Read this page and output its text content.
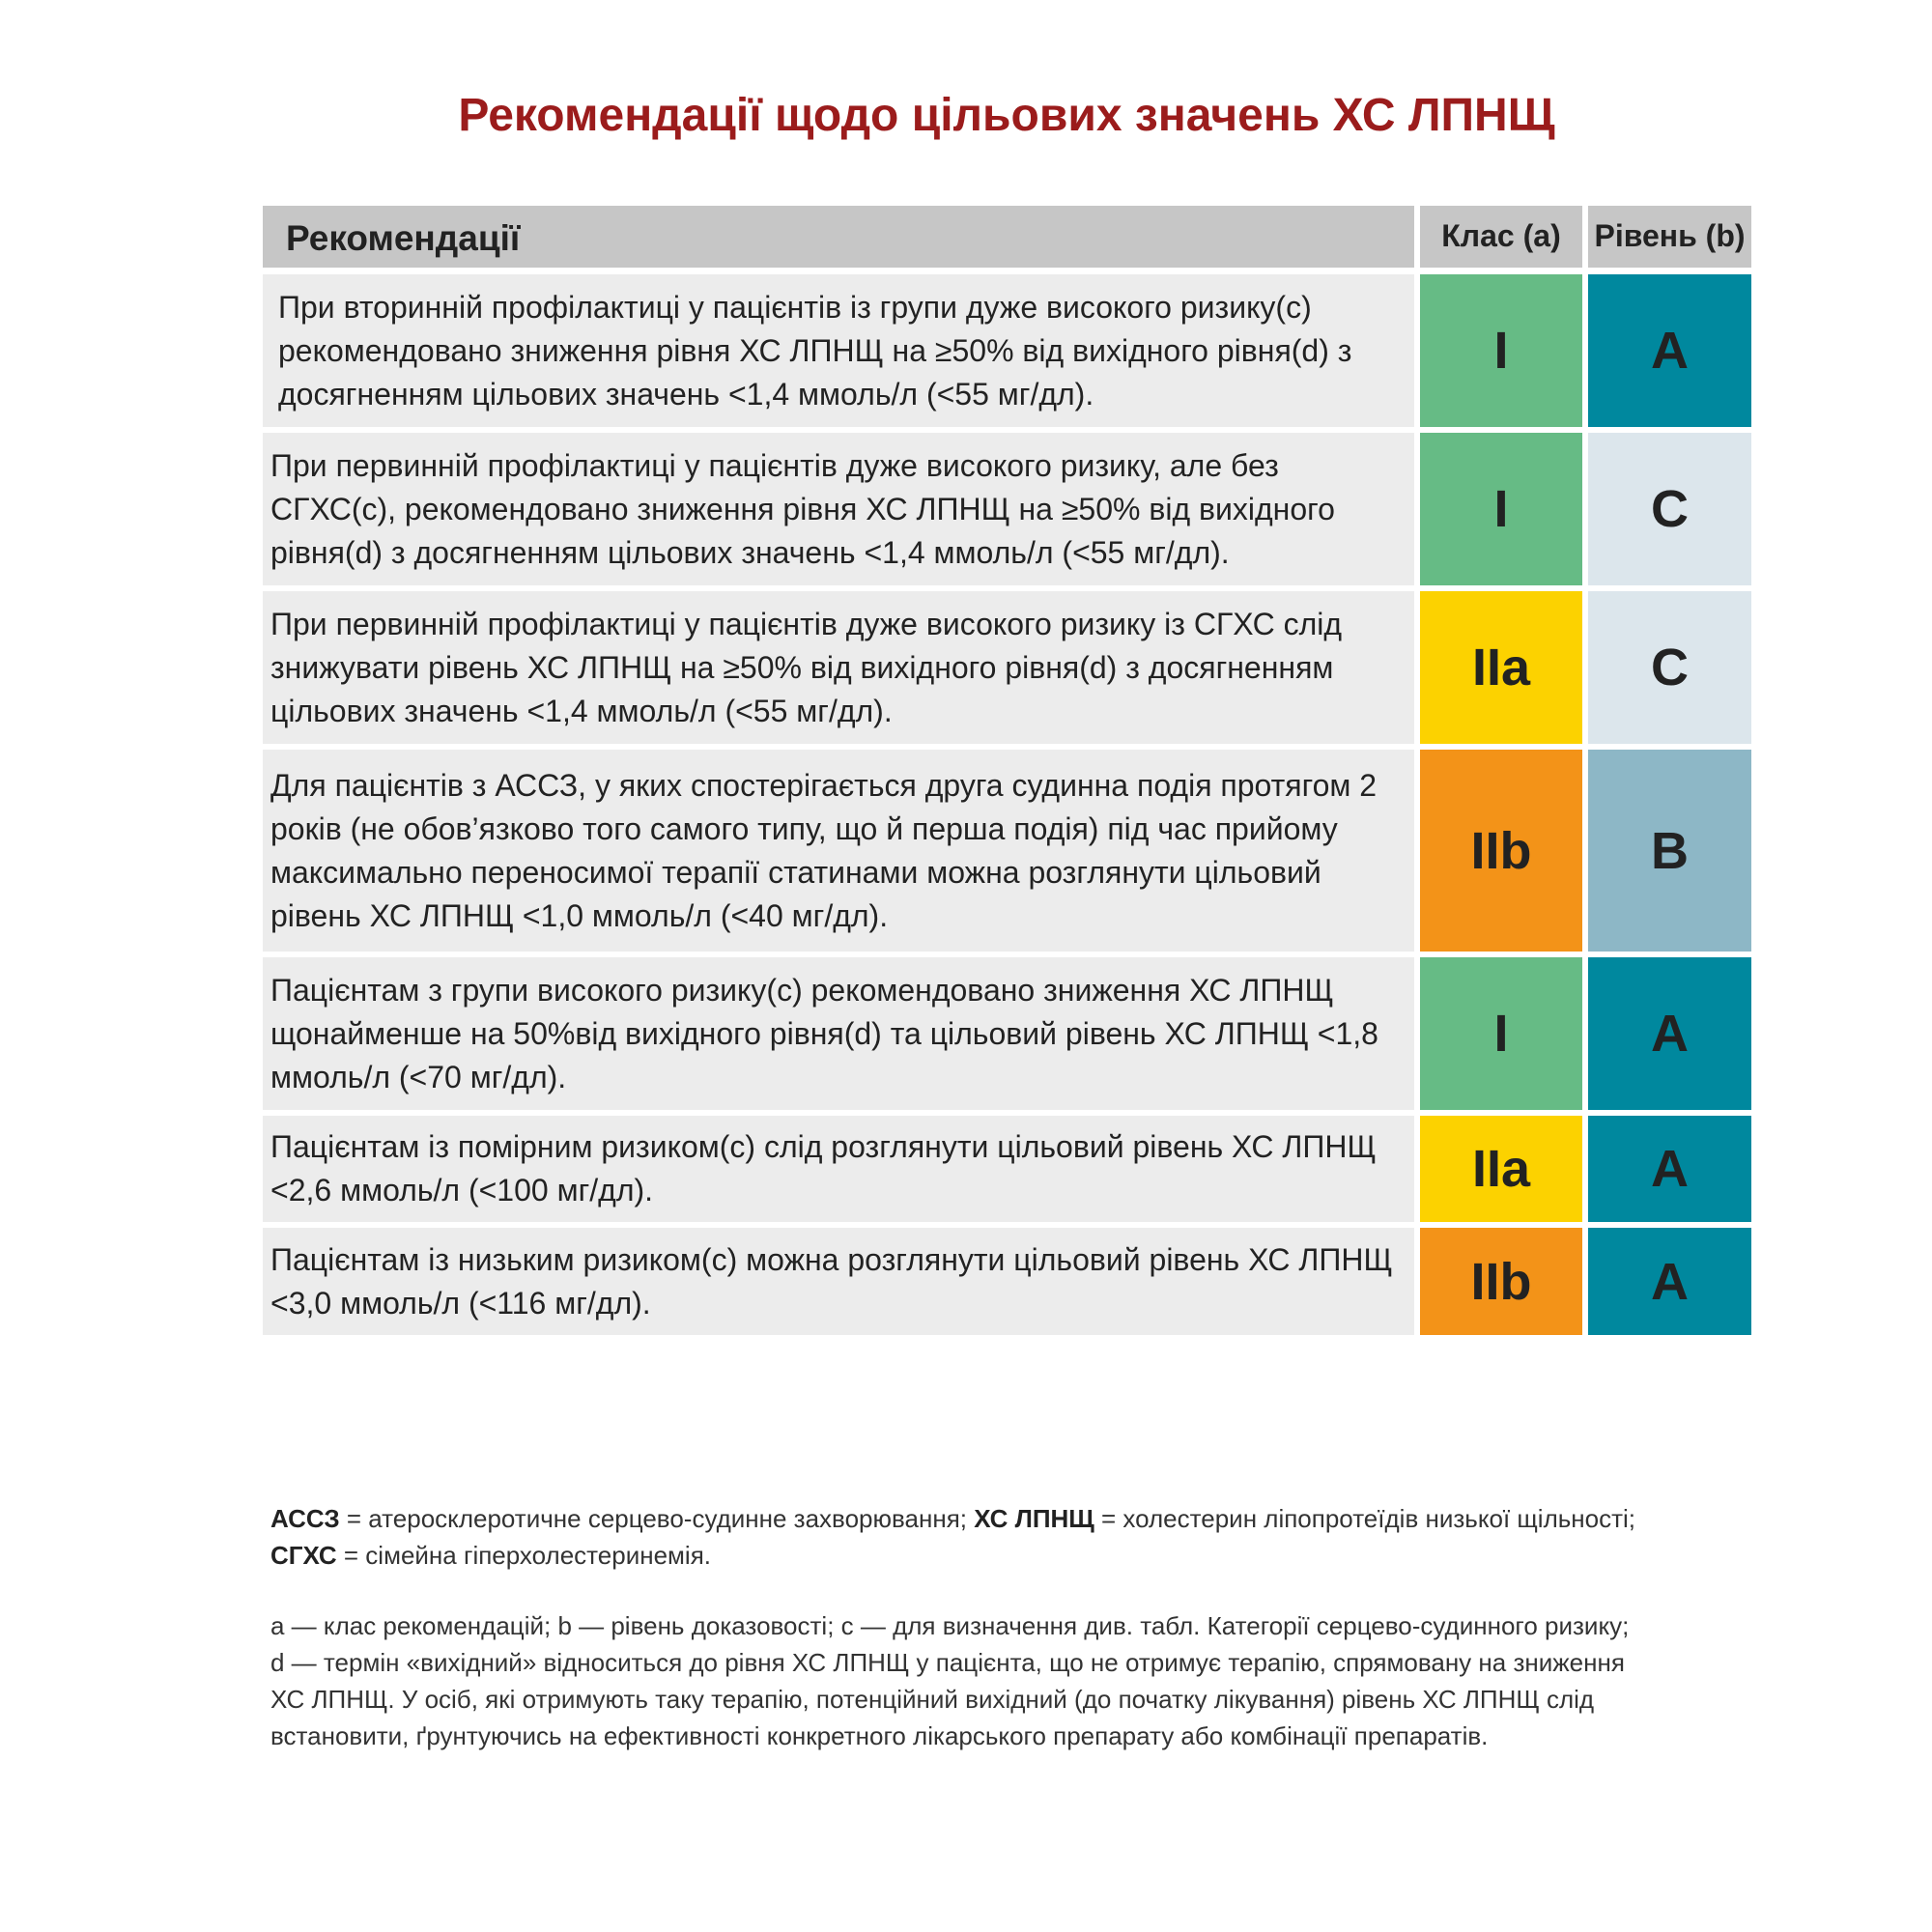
Рекомендації щодо цільових значень ХС ЛПНЩ
Рекомендації	Клас (a)	Рівень (b)
При вторинній профілактиці у пацієнтів із групи дуже високого ризику(c) рекомендовано зниження рівня ХС ЛПНЩ на ≥50% від вихідного рівня(d) з досягненням цільових значень <1,4 ммоль/л (<55 мг/дл).
I	A
При первинній профілактиці у пацієнтів дуже високого ризику, але без СГХС(c), рекомендовано зниження рівня ХС ЛПНЩ на ≥50% від вихідного рівня(d) з досягненням цільових значень <1,4 ммоль/л (<55 мг/дл).
I	C
При первинній профілактиці у пацієнтів дуже високого ризику із СГХС слід знижувати рівень ХС ЛПНЩ на ≥50% від вихідного рівня(d) з досягненням цільових значень <1,4 ммоль/л (<55 мг/дл).
IIa C
Для пацієнтів з АССЗ, у яких спостерігається друга судинна подія протягом 2 років (не обов’язково того самого типу, що й перша подія) під час прийому максимально переносимої терапії статинами можна розглянути цільовий рівень ХС ЛПНЩ <1,0 ммоль/л (<40 мг/дл).
IIb B
Пацієнтам з групи високого ризику(c) рекомендовано зниження ХС ЛПНЩ щонайменше на 50%від вихідного рівня(d) та цільовий рівень ХС ЛПНЩ <1,8 ммоль/л (<70 мг/дл).
I	A
Пацієнтам із помірним ризиком(c) слід розглянути цільовий рівень ХС ЛПНЩ <2,6 ммоль/л (<100 мг/дл).	IIa A
Пацієнтам із низьким ризиком(c) можна розглянути цільовий рівень ХС ЛПНЩ <3,0 ммоль/л (<116 мг/дл).	IIb A
АССЗ = атеросклеротичне серцево-судинне захворювання; ХС ЛПНЩ = холестерин ліпопротеїдів низької щільності;
СГХС = сімейна гіперхолестеринемія.
a — клас рекомендацій; b — рівень доказовості; c — для визначення див. табл. Категорії серцево-судинного ризику;
d — термін «вихідний» відноситься до рівня ХС ЛПНЩ у пацієнта, що не отримує терапію, спрямовану на зниження
ХС ЛПНЩ. У осіб, які отримують таку терапію, потенційний вихідний (до початку лікування) рівень ХС ЛПНЩ слід
встановити, ґрунтуючись на ефективності конкретного лікарського препарату або комбінації препаратів.
